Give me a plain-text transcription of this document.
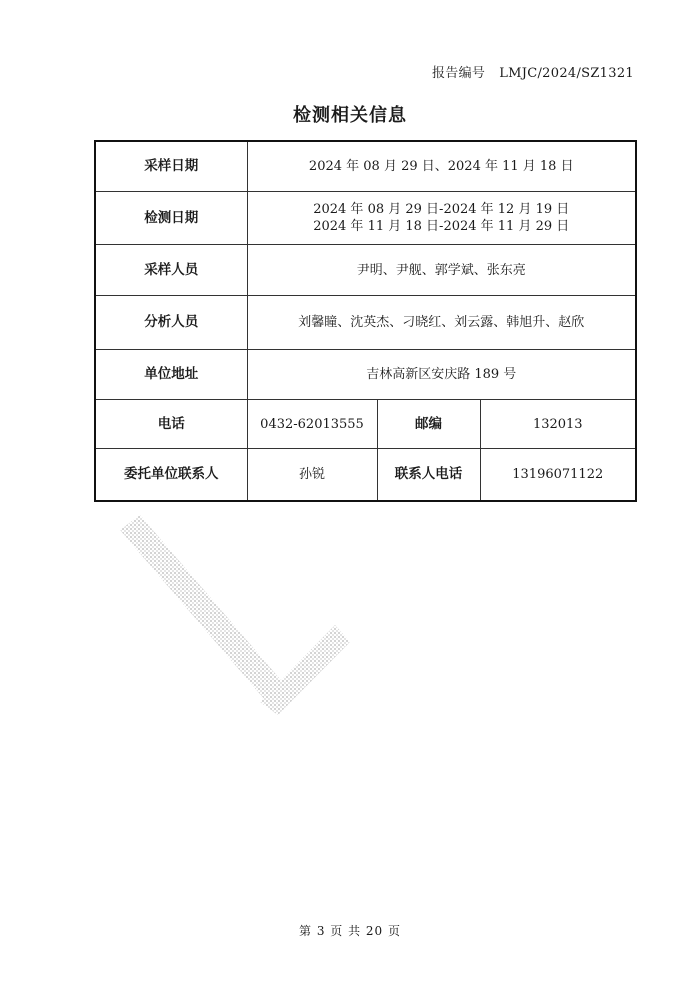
报告编号 LMJC/2024/SZ1321
检测相关信息
采样日期	2024 年 08 月 29 日、2024 年 11 月 18 日		
检测日期	2024 年 08 月 29 日-2024 年 12 月 19 日
2024 年 11 月 18 日-2024 年 11 月 29 日		

采样人员	尹明、尹舰、郭学斌、张东亮		
分析人员	刘馨瞳、沈英杰、刁晓红、刘云露、韩旭升、赵欣		
单位地址	吉林高新区安庆路 189 号		
电话	0432-62013555	邮编	132013
委托单位联系人	孙锐	联系人电话	13196071122
第 3 页 共 20 页
